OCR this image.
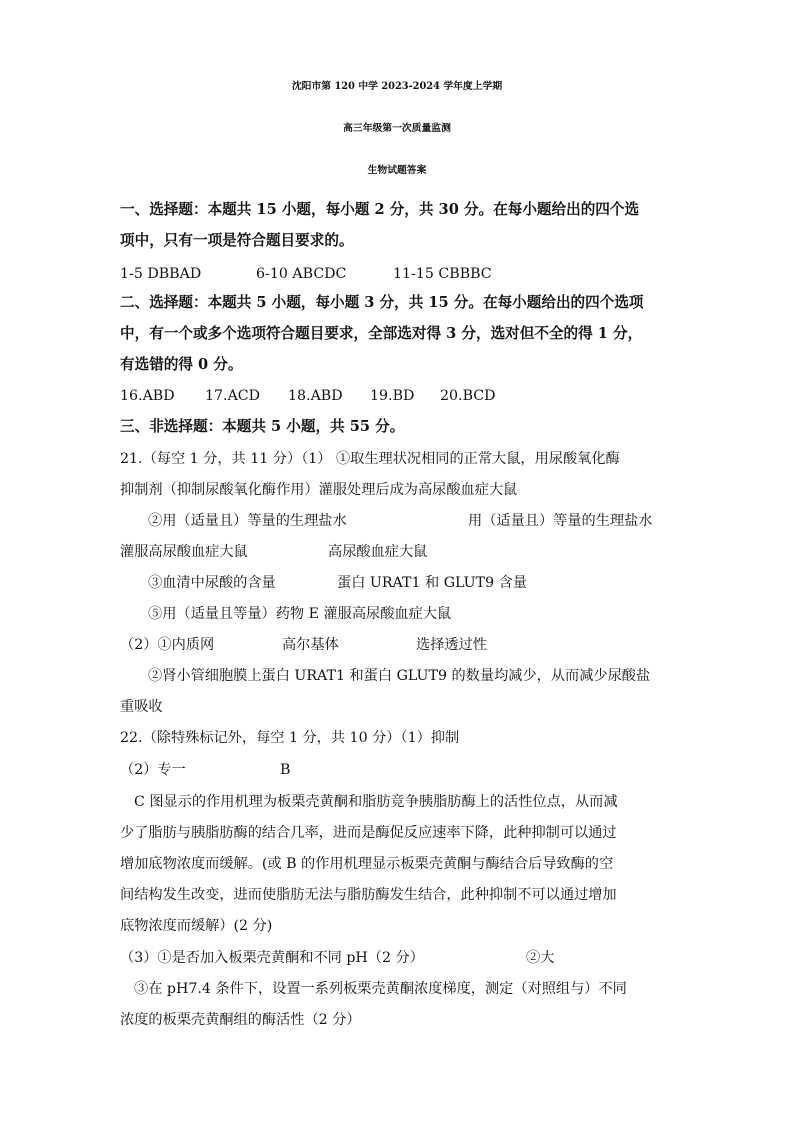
沈阳市第 120 中学 2023-2024 学年度上学期
高三年级第一次质量监测
生物试题答案
一、选择题：本题共 15 小题，每小题 2 分，共 30 分。在每小题给出的四个选
项中，只有一项是符合题目要求的。
1-5 DBBAD	6-10 ABCDC	11-15 CBBBC
二、选择题：本题共 5 小题，每小题 3 分，共 15 分。在每小题给出的四个选项
中，有一个或多个选项符合题目要求，全部选对得 3 分，选对但不全的得 1 分，
有选错的得 0 分。
16.ABD 17.ACD 18.ABD 19.BD 20.BCD
三、非选择题：本题共 5 小题，共 55 分。
21.（每空 1 分，共 11 分）（1） ①取生理状况相同的正常大鼠，用尿酸氧化酶
抑制剂（抑制尿酸氧化酶作用）灌服处理后成为高尿酸血症大鼠
②用（适量且）等量的生理盐水	用（适量且）等量的生理盐水
灌服高尿酸血症大鼠	高尿酸血症大鼠
③血清中尿酸的含量	蛋白 URAT1 和 GLUT9 含量
⑤用（适量且等量）药物 E 灌服高尿酸血症大鼠
（2）①内质网	高尔基体	选择透过性
②肾小管细胞膜上蛋白 URAT1 和蛋白 GLUT9 的数量均减少，从而减少尿酸盐
重吸收
22.（除特殊标记外，每空 1 分，共 10 分）（1）抑制
（2）专一	B
C 图显示的作用机理为板栗壳黄酮和脂肪竞争胰脂肪酶上的活性位点，从而减
少了脂肪与胰脂肪酶的结合几率，进而是酶促反应速率下降，此种抑制可以通过
增加底物浓度而缓解。(或 B 的作用机理显示板栗壳黄酮与酶结合后导致酶的空
间结构发生改变，进而使脂肪无法与脂肪酶发生结合，此种抑制不可以通过增加
底物浓度而缓解）(2 分)
（3）①是否加入板栗壳黄酮和不同 pH（2 分）	②大
③在 pH7.4 条件下，设置一系列板栗壳黄酮浓度梯度，测定（对照组与）不同
浓度的板栗壳黄酮组的酶活性（2 分）
